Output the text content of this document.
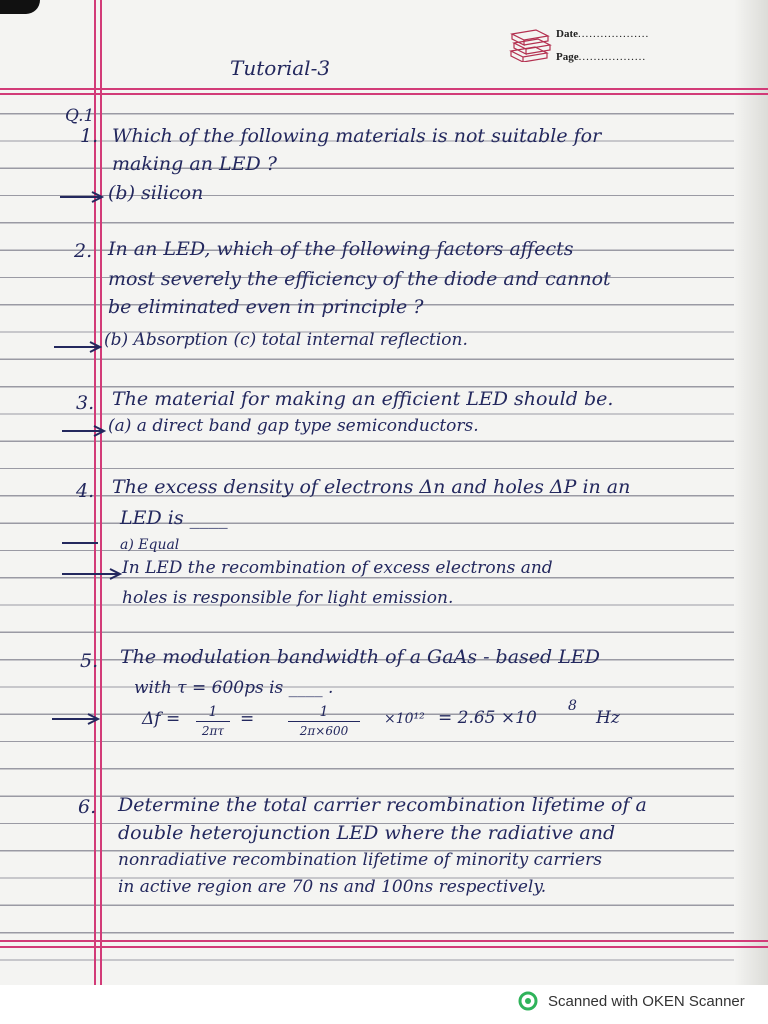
Date...................
Page..................
Tutorial-3
Q.1
1. Which of the following materials is not suitable for
making an LED ?
(b) silicon
2. In an LED, which of the following factors affects
most severely the efficiency of the diode and cannot
be eliminated even in principle ?
(b) Absorption (c) total internal reflection.
3. The material for making an efficient LED should be.
(a) a direct band gap type semiconductors.
4. The excess density of electrons Δn and holes ΔP in an
LED is ____
a) Equal
In LED the recombination of excess electrons and
holes is responsible for light emission.
5. The modulation bandwidth of a GaAs - based LED
with τ = 600ps is ____ .
$\Delta f = \frac{1}{2\pi\tau} = \frac{1}{2\pi\times 600} \times 10^{12} = 2.65 \times 10$
8
Hz
6. Determine the total carrier recombination lifetime of a
double heterojunction LED where the radiative and
nonradiative recombination lifetime of minority carriers
in active region are 70 ns and 100ns respectively.
Scanned with OKEN Scanner
